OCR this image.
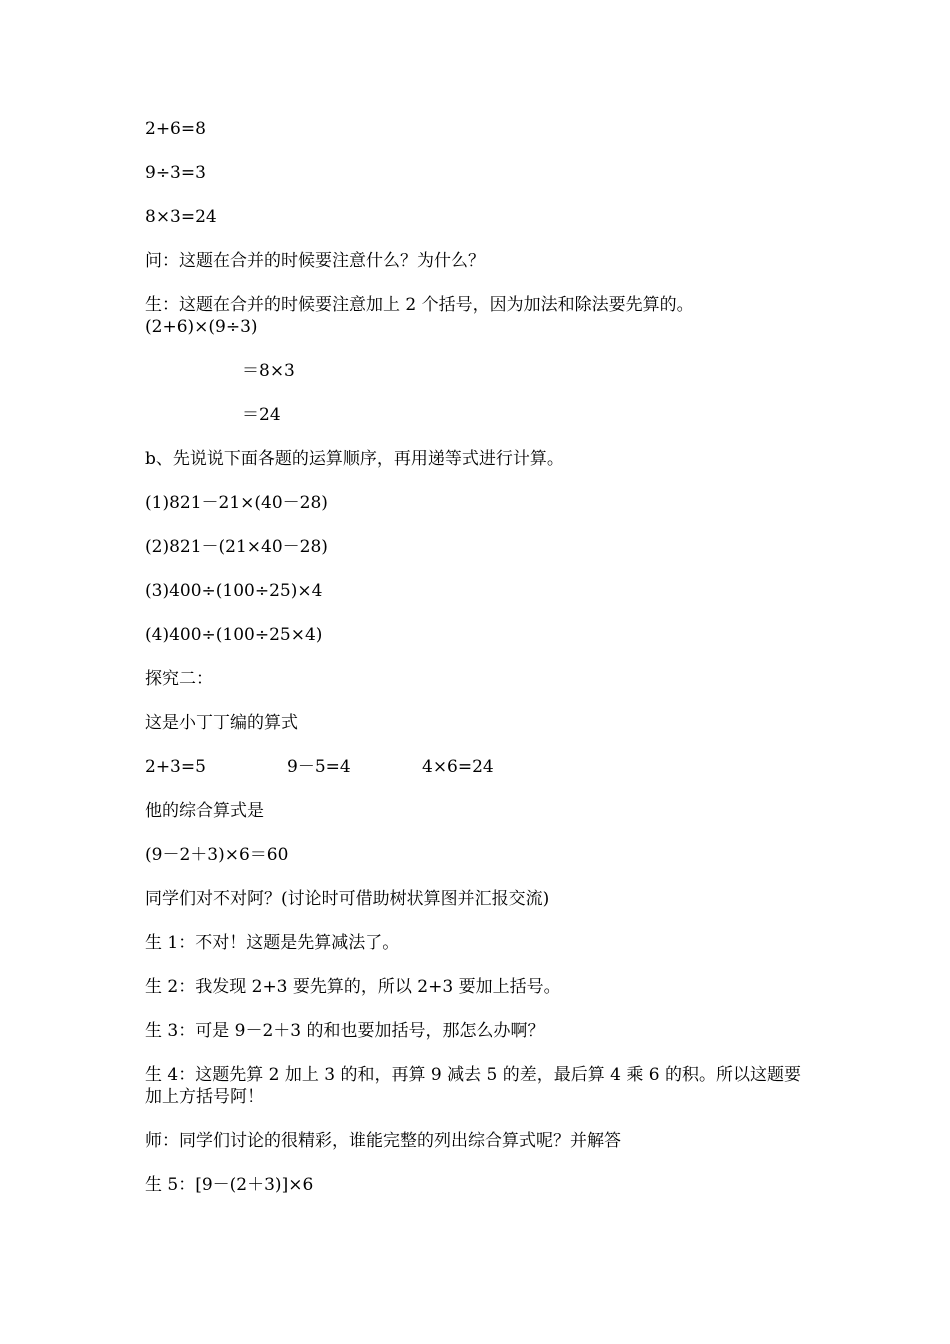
2+6=8
9÷3=3
8×3=24
问：这题在合并的时候要注意什么？为什么？
生：这题在合并的时候要注意加上 2 个括号，因为加法和除法要先算的。
(2+6)×(9÷3)
＝8×3
＝24
b、先说说下面各题的运算顺序，再用递等式进行计算。
(1)821－21×(40－28)
(2)821－(21×40－28)
(3)400÷(100÷25)×4
(4)400÷(100÷25×4)
探究二：
这是小丁丁编的算式
2+3=5	9－5=4	4×6=24
他的综合算式是
(9－2＋3)×6＝60
同学们对不对阿？(讨论时可借助树状算图并汇报交流)
生 1：不对！这题是先算减法了。
生 2：我发现 2+3 要先算的，所以 2+3 要加上括号。
生 3：可是 9－2＋3 的和也要加括号，那怎么办啊？
生 4：这题先算 2 加上 3 的和，再算 9 减去 5 的差，最后算 4 乘 6 的积。所以这题要加上方括号阿！
师：同学们讨论的很精彩，谁能完整的列出综合算式呢？并解答
生 5：[9－(2＋3)]×6
